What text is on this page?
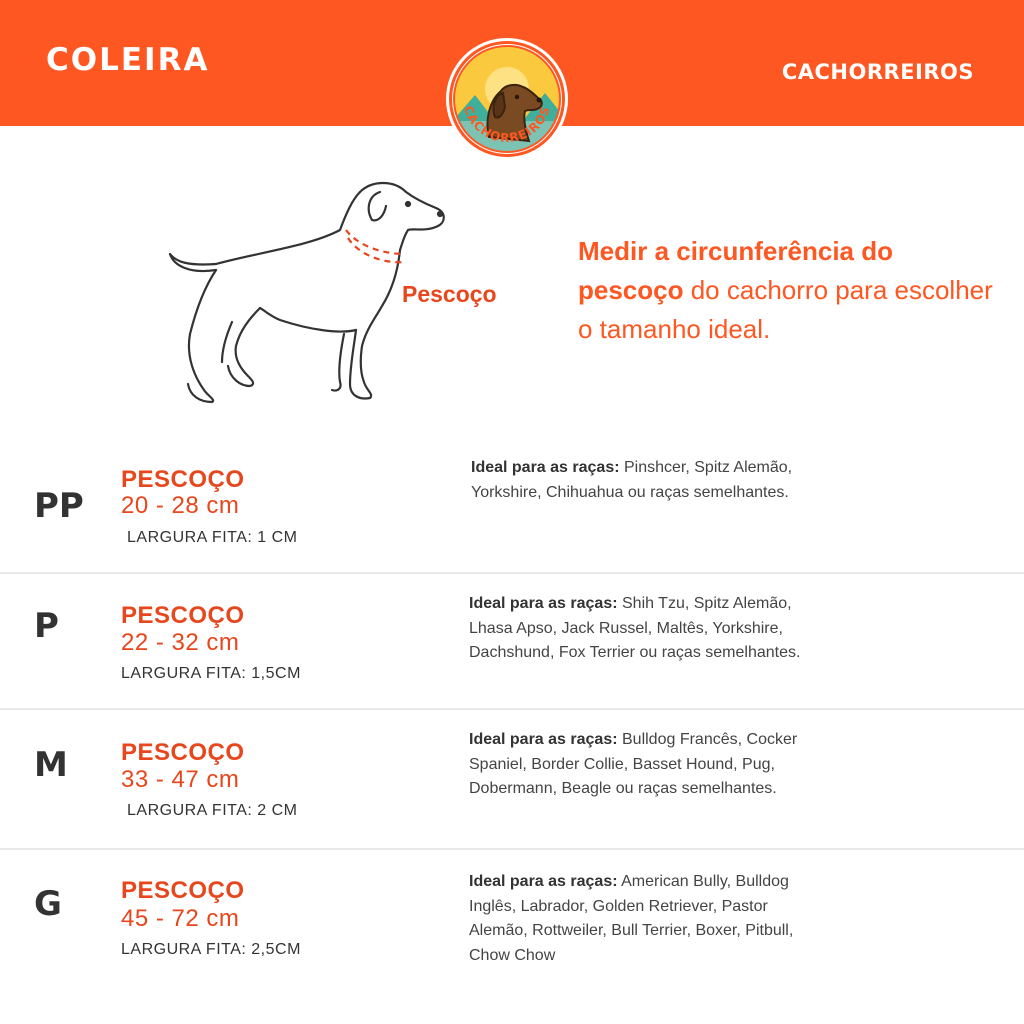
COLEIRA	CACHORREIROS
CACHORREIROS
Pescoço
Medir a circunferência do pescoço do cachorro para escolher o tamanho ideal.
PP
PESCOÇO
20 - 28 cm
LARGURA FITA: 1 CM
Ideal para as raças: Pinshcer, Spitz Alemão, Yorkshire, Chihuahua ou raças semelhantes.
P	PESCOÇO
22 - 32 cm
LARGURA FITA: 1,5CM
Ideal para as raças: Shih Tzu, Spitz Alemão, Lhasa Apso, Jack Russel, Maltês, Yorkshire, Dachshund, Fox Terrier ou raças semelhantes.
M PESCOÇO
33 - 47 cm
LARGURA FITA: 2 CM
Ideal para as raças: Bulldog Francês, Cocker Spaniel, Border Collie, Basset Hound, Pug, Dobermann, Beagle ou raças semelhantes.
G PESCOÇO
45 - 72 cm
LARGURA FITA: 2,5CM
Ideal para as raças: American Bully, Bulldog Inglês, Labrador, Golden Retriever, Pastor Alemão, Rottweiler, Bull Terrier, Boxer, Pitbull, Chow Chow
